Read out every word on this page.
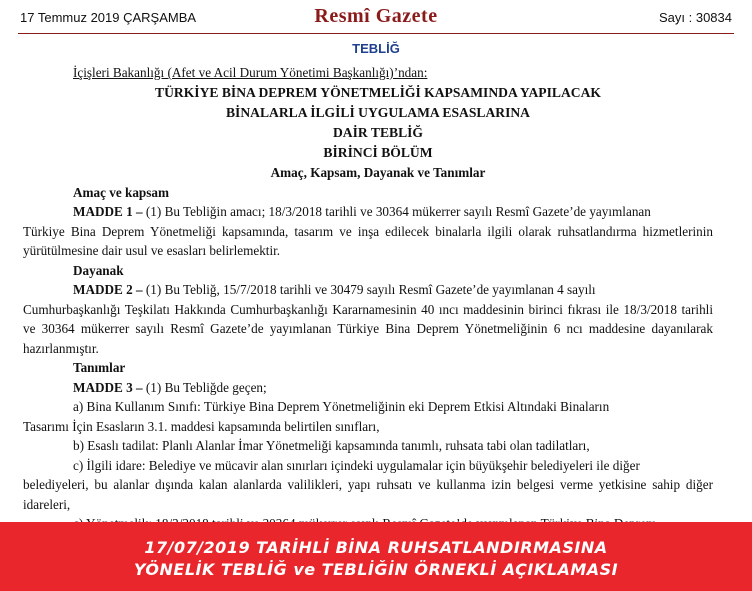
17 Temmuz 2019 ÇARŞAMBA	Resmî Gazete	Sayı : 30834
TEBLİĞ
İçişleri Bakanlığı (Afet ve Acil Durum Yönetimi Başkanlığı)’ndan:
TÜRKİYE BİNA DEPREM YÖNETMELİĞİ KAPSAMINDA YAPILACAK
BİNALARLA İLGİLİ UYGULAMA ESASLARINA
DAİR TEBLİĞ
BİRİNCİ BÖLÜM
Amaç, Kapsam, Dayanak ve Tanımlar
Amaç ve kapsam
MADDE 1 – (1) Bu Tebliğin amacı; 18/3/2018 tarihli ve 30364 mükerrer sayılı Resmî Gazete’de yayımlanan
Türkiye Bina Deprem Yönetmeliği kapsamında, tasarım ve inşa edilecek binalarla ilgili olarak ruhsatlandırma hizmetlerinin yürütülmesine dair usul ve esasları belirlemektir.
Dayanak
MADDE 2 – (1) Bu Tebliğ, 15/7/2018 tarihli ve 30479 sayılı Resmî Gazete’de yayımlanan 4 sayılı
Cumhurbaşkanlığı Teşkilatı Hakkında Cumhurbaşkanlığı Kararnamesinin 40 ıncı maddesinin birinci fıkrası ile 18/3/2018 tarihli ve 30364 mükerrer sayılı Resmî Gazete’de yayımlanan Türkiye Bina Deprem Yönetmeliğinin 6 ncı maddesine dayanılarak hazırlanmıştır.
Tanımlar
MADDE 3 – (1) Bu Tebliğde geçen;
a) Bina Kullanım Sınıfı: Türkiye Bina Deprem Yönetmeliğinin eki Deprem Etkisi Altındaki Binaların
Tasarımı İçin Esasların 3.1. maddesi kapsamında belirtilen sınıfları,
b) Esaslı tadilat: Planlı Alanlar İmar Yönetmeliği kapsamında tanımlı, ruhsata tabi olan tadilatları,
c) İlgili idare: Belediye ve mücavir alan sınırları içindeki uygulamalar için büyükşehir belediyeleri ile diğer
belediyeleri, bu alanlar dışında kalan alanlarda valilikleri, yapı ruhsatı ve kullanma izin belgesi verme yetkisine sahip diğer idareleri,
17/07/2019 TARİHLİ BİNA RUHSATLANDIRMASINA
YÖNELİK TEBLİĞ ve TEBLİĞİN ÖRNEKLİ AÇIKLAMASI
